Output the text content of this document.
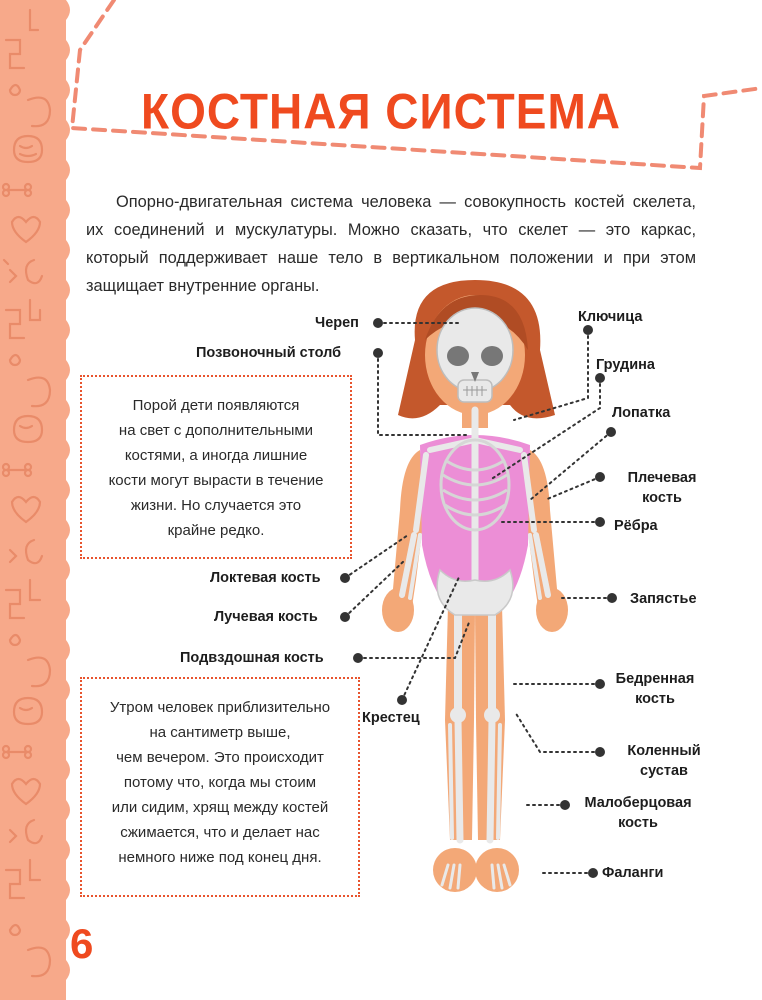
КОСТНАЯ СИСТЕМА

Опорно-двигательная система человека — совокупность костей скелета, их соединений и мускулатуры. Можно сказать, что скелет — это каркас, который поддерживает наше тело в вертикальном положении и при этом защищает внутренние органы.

Порой дети появляются
на свет с дополнительными
костями, а иногда лишние
кости могут вырасти в течение
жизни. Но случается это
крайне редко.
Утром человек приблизительно
на сантиметр выше,
чем вечером. Это происходит
потому что, когда мы стоим
или сидим, хрящ между костей
сжимается, что и делает нас
немного ниже под конец дня.
Череп
Позвоночный столб
Локтевая кость
Лучевая кость
Подвздошная кость
Крестец
Ключица
Грудина
Лопатка
Плечевая
кость
Рёбра
Запястье
Бедренная
кость
Коленный
сустав
Малоберцовая
кость
Фаланги
6
